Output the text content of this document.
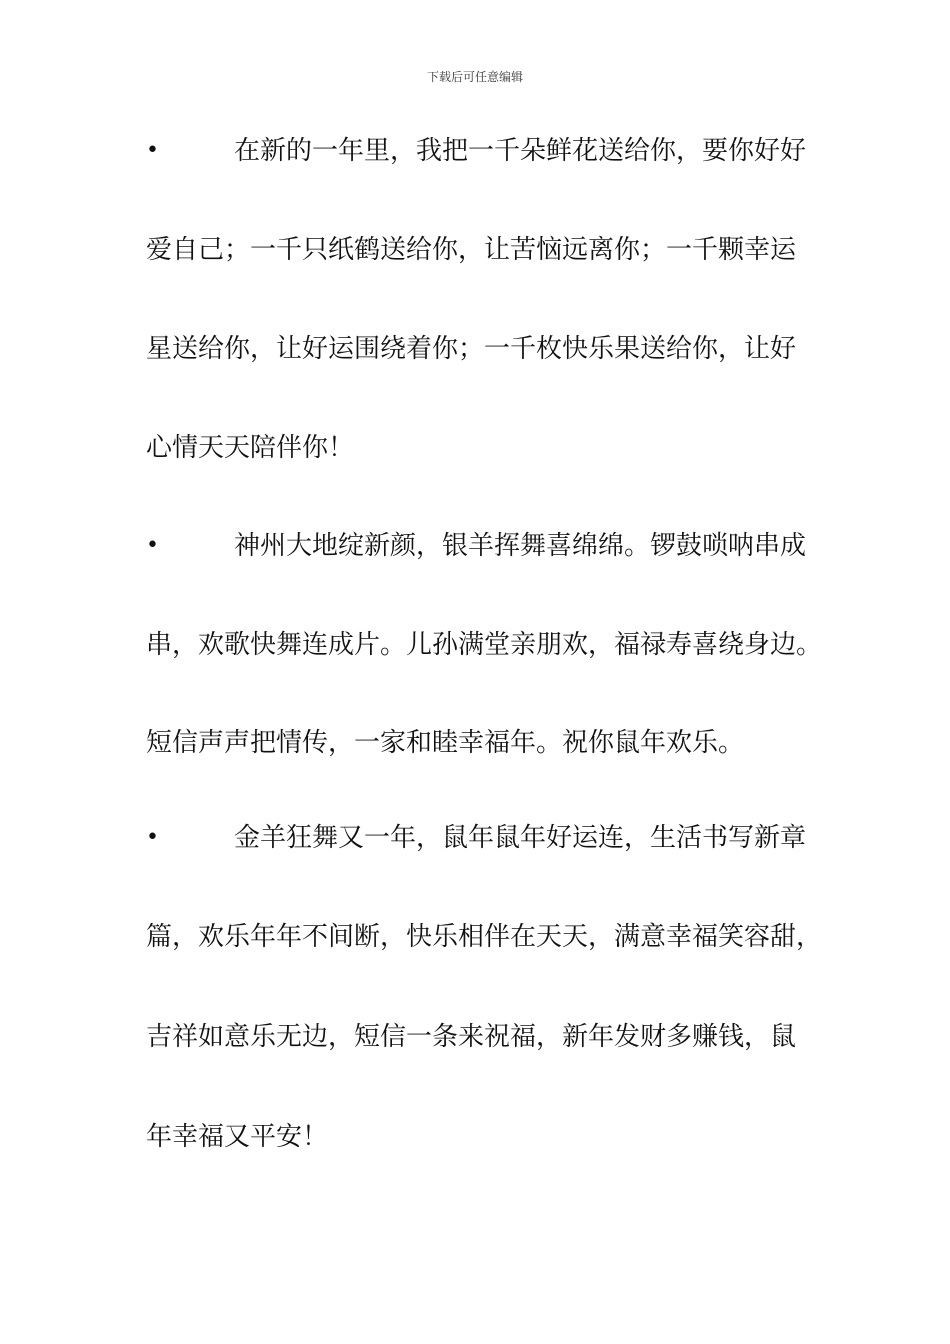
下载后可任意编辑
•	在新的一年里，我把一千朵鲜花送给你，要你好好
爱自己；一千只纸鹤送给你，让苦恼远离你；一千颗幸运
星送给你，让好运围绕着你；一千枚快乐果送给你，让好
心情天天陪伴你！
•	神州大地绽新颜，银羊挥舞喜绵绵。锣鼓唢呐串成
串，欢歌快舞连成片。儿孙满堂亲朋欢，福禄寿喜绕身边。
短信声声把情传，一家和睦幸福年。祝你鼠年欢乐。
•	金羊狂舞又一年，鼠年鼠年好运连，生活书写新章
篇，欢乐年年不间断，快乐相伴在天天，满意幸福笑容甜，
吉祥如意乐无边，短信一条来祝福，新年发财多赚钱，鼠
年幸福又平安！
